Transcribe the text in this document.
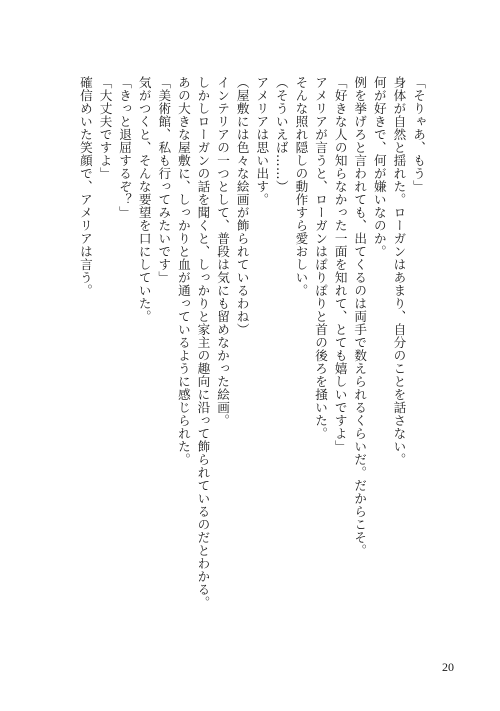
「そりゃあ、もう」
身体が自然と揺れた。ローガンはあまり、自分のことを話さない。
何が好きで、何が嫌いなのか。
例を挙げろと言われても、出てくるのは両手で数えられるくらいだ。だからこそ。
「好きな人の知らなかった一面を知れて、とても嬉しいですよ」
アメリアが言うと、ローガンはぽりぽりと首の後ろを掻いた。
そんな照れ隠しの動作すら愛おしい。
（そういえば……）
アメリアは思い出す。
（屋敷には色々な絵画が飾られているわね）
インテリアの一つとして、普段は気にも留めなかった絵画。
しかしローガンの話を聞くと、しっかりと家主の趣向に沿って飾られているのだとわかる。
あの大きな屋敷に、しっかりと血が通っているように感じられた。
「美術館、私も行ってみたいです」
気がつくと、そんな要望を口にしていた。
「きっと退屈するぞ？」
「大丈夫ですよ」
確信めいた笑顔で、アメリアは言う。
20
